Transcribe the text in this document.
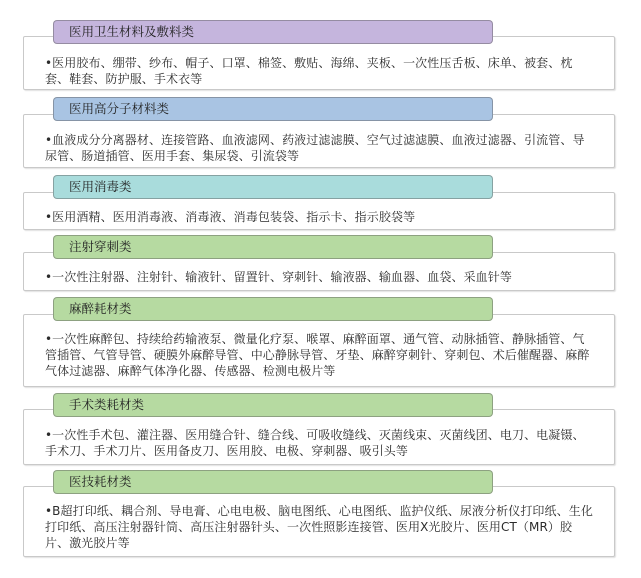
•医用胶布、绷带、纱布、帽子、口罩、棉签、敷贴、海绵、夹板、一次性压舌板、床单、被套、枕套、鞋套、防护服、手术衣等
医用卫生材料及敷料类
•血液成分分离器材、连接管路、血液滤网、药液过滤滤膜、空气过滤滤膜、血液过滤器、引流管、导尿管、肠道插管、医用手套、集尿袋、引流袋等
医用高分子材料类
•医用酒精、医用消毒液、消毒液、消毒包装袋、指示卡、指示胶袋等
医用消毒类
•一次性注射器、注射针、输液针、留置针、穿刺针、输液器、输血器、血袋、采血针等
注射穿刺类
•一次性麻醉包、持续给药输液泵、微量化疗泵、喉罩、麻醉面罩、通气管、动脉插管、静脉插管、气管插管、气管导管、硬膜外麻醉导管、中心静脉导管、牙垫、麻醉穿刺针、穿刺包、术后催醒器、麻醉气体过滤器、麻醉气体净化器、传感器、检测电极片等
麻醉耗材类
•一次性手术包、灌注器、医用缝合针、缝合线、可吸收缝线、灭菌线束、灭菌线团、电刀、电凝镊、手术刀、手术刀片、医用备皮刀、医用胶、电极、穿刺器、吸引头等
手术类耗材类
•B超打印纸、耦合剂、导电膏、心电电极、脑电图纸、心电图纸、监护仪纸、尿液分析仪打印纸、生化打印纸、高压注射器针筒、高压注射器针头、一次性照影连接管、医用X光胶片、医用CT（MR）胶片、激光胶片等
医技耗材类
